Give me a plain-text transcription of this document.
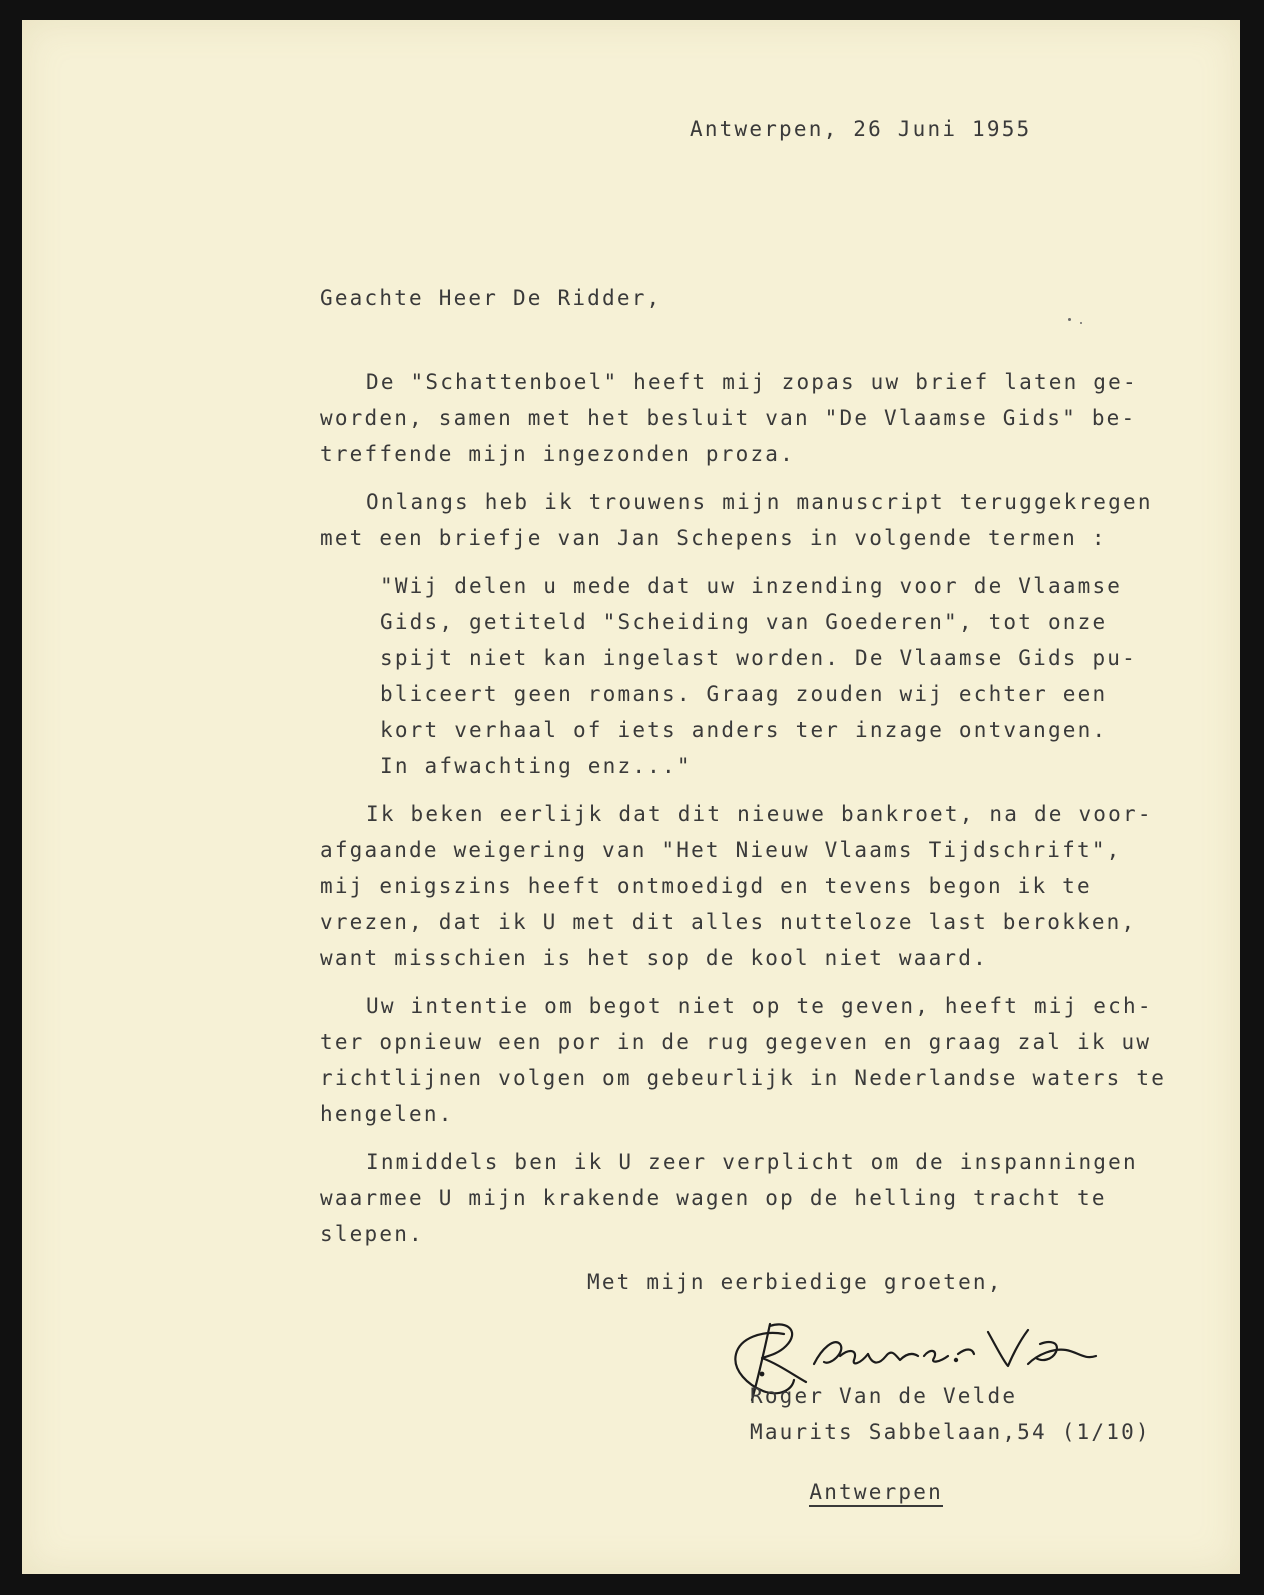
Antwerpen, 26 Juni 1955
Geachte Heer De Ridder,
De "Schattenboel" heeft mij zopas uw brief laten ge-
worden, samen met het besluit van "De Vlaamse Gids" be-
treffende mijn ingezonden proza.
Onlangs heb ik trouwens mijn manuscript teruggekregen
met een briefje van Jan Schepens in volgende termen :
"Wij delen u mede dat uw inzending voor de Vlaamse
Gids, getiteld "Scheiding van Goederen", tot onze
spijt niet kan ingelast worden. De Vlaamse Gids pu-
bliceert geen romans. Graag zouden wij echter een
kort verhaal of iets anders ter inzage ontvangen.
In afwachting enz..."
Ik beken eerlijk dat dit nieuwe bankroet, na de voor-
afgaande weigering van "Het Nieuw Vlaams Tijdschrift",
mij enigszins heeft ontmoedigd en tevens begon ik te
vrezen, dat ik U met dit alles nutteloze last berokken,
want misschien is het sop de kool niet waard.
Uw intentie om begot niet op te geven, heeft mij ech-
ter opnieuw een por in de rug gegeven en graag zal ik uw
richtlijnen volgen om gebeurlijk in Nederlandse waters te
hengelen.
Inmiddels ben ik U zeer verplicht om de inspanningen
waarmee U mijn krakende wagen op de helling tracht te
slepen.
Met mijn eerbiedige groeten,
Roger Van de Velde
Maurits Sabbelaan,54 (1/10)

Antwerpen
